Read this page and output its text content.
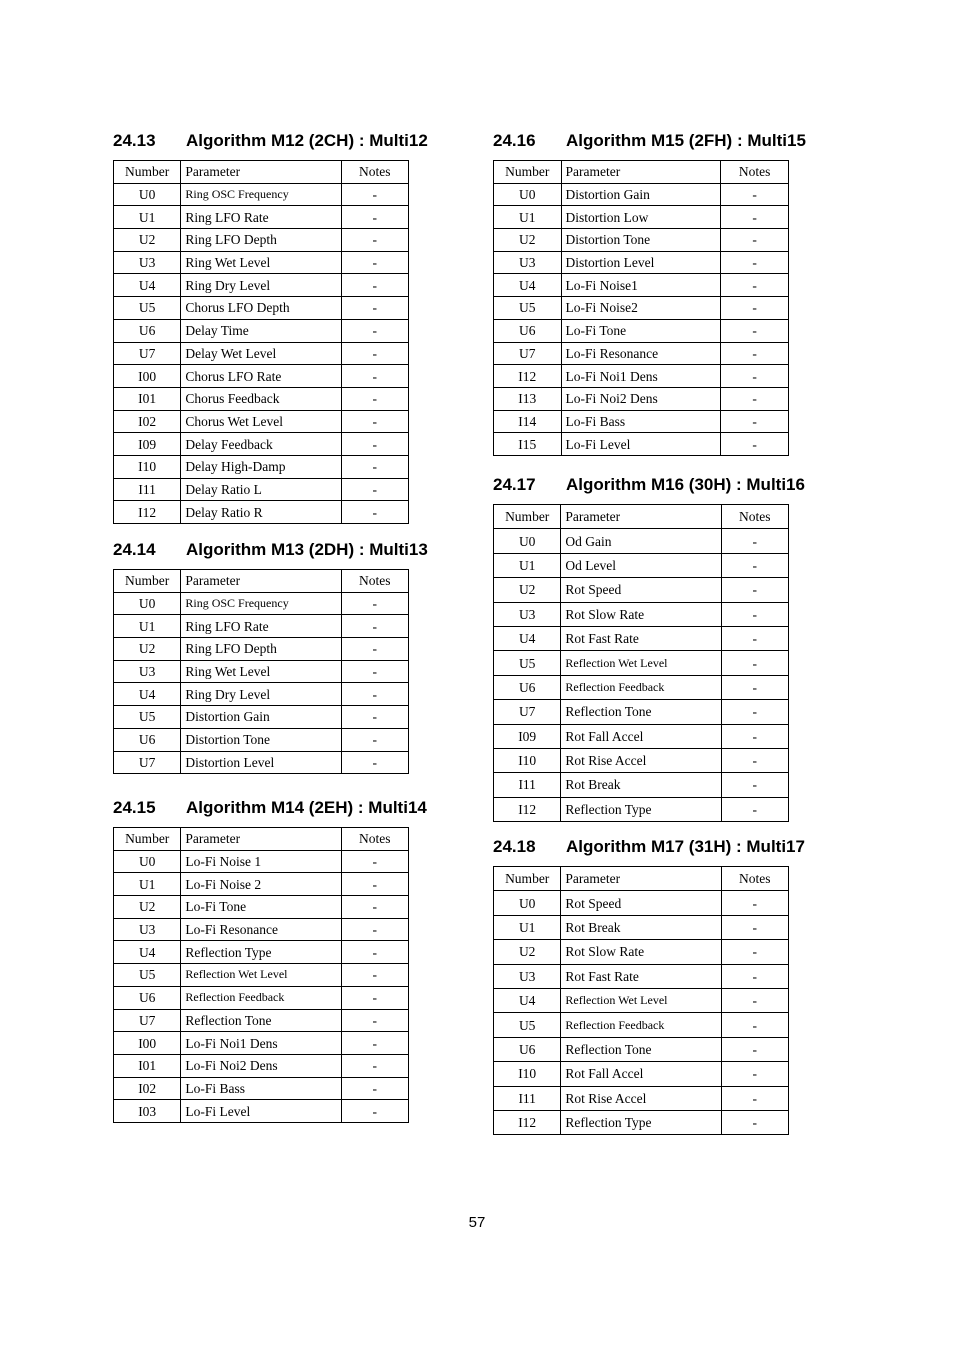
24.13 Algorithm M12 (2CH) : Multi12
Number	Parameter	Notes
U0	Ring OSC Frequency	-
U1	Ring LFO Rate	-
U2	Ring LFO Depth	-
U3	Ring Wet Level	-
U4	Ring Dry Level	-
U5	Chorus LFO Depth	-
U6	Delay Time	-
U7	Delay Wet Level	-
I00	Chorus LFO Rate	-
I01	Chorus Feedback	-
I02	Chorus Wet Level	-
I09	Delay Feedback	-
I10	Delay High-Damp	-
I11	Delay Ratio L	-
I12	Delay Ratio R	-
24.14 Algorithm M13 (2DH) : Multi13
Number	Parameter	Notes
U0	Ring OSC Frequency	-
U1	Ring LFO Rate	-
U2	Ring LFO Depth	-
U3	Ring Wet Level	-
U4	Ring Dry Level	-
U5	Distortion Gain	-
U6	Distortion Tone	-
U7	Distortion Level	-
24.15 Algorithm M14 (2EH) : Multi14
Number	Parameter	Notes
U0	Lo-Fi Noise 1	-
U1	Lo-Fi Noise 2	-
U2	Lo-Fi Tone	-
U3	Lo-Fi Resonance	-
U4	Reflection Type	-
U5	Reflection Wet Level	-
U6	Reflection Feedback	-
U7	Reflection Tone	-
I00	Lo-Fi Noi1 Dens	-
I01	Lo-Fi Noi2 Dens	-
I02	Lo-Fi Bass	-
I03	Lo-Fi Level	-
24.16 Algorithm M15 (2FH) : Multi15
Number	Parameter	Notes
U0	Distortion Gain	-
U1	Distortion Low	-
U2	Distortion Tone	-
U3	Distortion Level	-
U4	Lo-Fi Noise1	-
U5	Lo-Fi Noise2	-
U6	Lo-Fi Tone	-
U7	Lo-Fi Resonance	-
I12	Lo-Fi Noi1 Dens	-
I13	Lo-Fi Noi2 Dens	-
I14	Lo-Fi Bass	-
I15	Lo-Fi Level	-
24.17 Algorithm M16 (30H) : Multi16
Number	Parameter	Notes
U0	Od Gain	-
U1	Od Level	-
U2	Rot Speed	-
U3	Rot Slow Rate	-
U4	Rot Fast Rate	-
U5	Reflection Wet Level	-
U6	Reflection Feedback	-
U7	Reflection Tone	-
I09	Rot Fall Accel	-
I10	Rot Rise Accel	-
I11	Rot Break	-
I12	Reflection Type	-
24.18 Algorithm M17 (31H) : Multi17
Number	Parameter	Notes
U0	Rot Speed	-
U1	Rot Break	-
U2	Rot Slow Rate	-
U3	Rot Fast Rate	-
U4	Reflection Wet Level	-
U5	Reflection Feedback	-
U6	Reflection Tone	-
I10	Rot Fall Accel	-
I11	Rot Rise Accel	-
I12	Reflection Type	-
57
